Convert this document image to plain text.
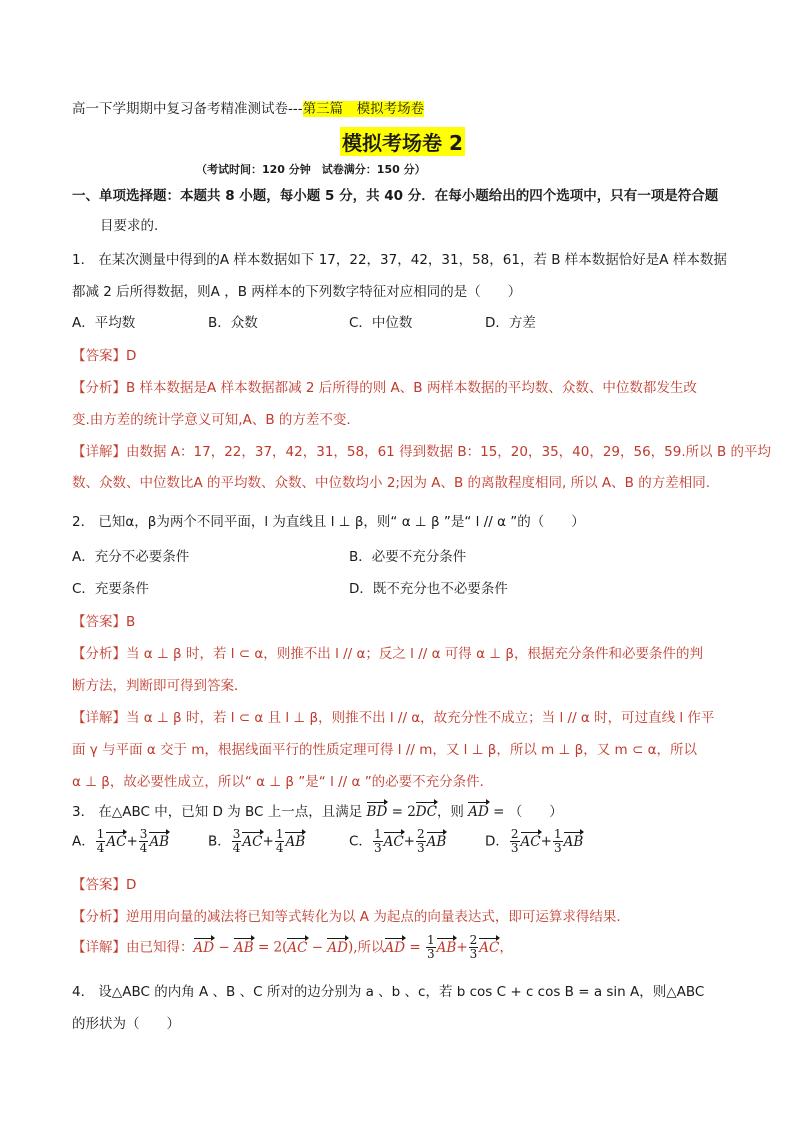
高一下学期期中复习备考精准测试卷---第三篇　模拟考场卷
模拟考场卷 2
（考试时间：120 分钟　试卷满分：150 分）
一、单项选择题：本题共 8 小题，每小题 5 分，共 40 分．在每小题给出的四个选项中，只有一项是符合题
目要求的.
1． 在某次测量中得到的A 样本数据如下 17，22，37，42，31，58，61，若 B 样本数据恰好是A 样本数据
都减 2 后所得数据，则A ，B 两样本的下列数字特征对应相同的是（　　）
A．平均数	B．众数	C．中位数	D．方差
【答案】D
【分析】B 样本数据是A 样本数据都减 2 后所得的则 A、B 两样本数据的平均数、众数、中位数都发生改
变.由方差的统计学意义可知,A、B 的方差不变.
【详解】由数据 A：17，22，37，42，31，58，61 得到数据 B：15，20，35，40，29，56，59.所以 B 的平均
数、众数、中位数比A 的平均数、众数、中位数均小 2;因为 A、B 的离散程度相同, 所以 A、B 的方差相同.
2． 已知α，β为两个不同平面，l 为直线且 l ⊥ β，则“ α ⊥ β ”是“ l // α ”的（　　）
A．充分不必要条件	B．必要不充分条件
C．充要条件	D．既不充分也不必要条件
【答案】B
【分析】当 α ⊥ β 时，若 l ⊂ α，则推不出 l // α；反之 l // α 可得 α ⊥ β，根据充分条件和必要条件的判
断方法，判断即可得到答案．
【详解】当 α ⊥ β 时，若 l ⊂ α 且 l ⊥ β，则推不出 l // α，故充分性不成立；当 l // α 时，可过直线 l 作平
面 γ 与平面 α 交于 m，根据线面平行的性质定理可得 l // m，又 l ⊥ β，所以 m ⊥ β，又 m ⊂ α，所以
α ⊥ β，故必要性成立，所以“ α ⊥ β ”是“ l // α ”的必要不充分条件．
3． 在△ABC 中，已知 D 为 BC 上一点，且满足 BD = 2DC，则 AD = （　　）
A． $\frac{1}{4} AC+ \frac{3}{4}$ AB	B． $\frac{3}{4} AC+ \frac{1}{4}$ AB	C． $\frac{1}{3} AC+ \frac{2}{3}$ AB	D． $\frac{2}{3} AC+ \frac{1}{3}$ AB
【答案】D
【分析】逆用用向量的减法将已知等式转化为以 A 为起点的向量表达式，即可运算求得结果.
【详解】由已知得：AD − AB = 2(AC − AD),所以AD = $\frac{1}{3} AB+ \frac{2}{3}$ AC，
4． 设△ABC 的内角 A 、B 、C 所对的边分别为 a 、b 、c，若 b cos C + c cos B = a sin A，则△ABC
的形状为（　　）
